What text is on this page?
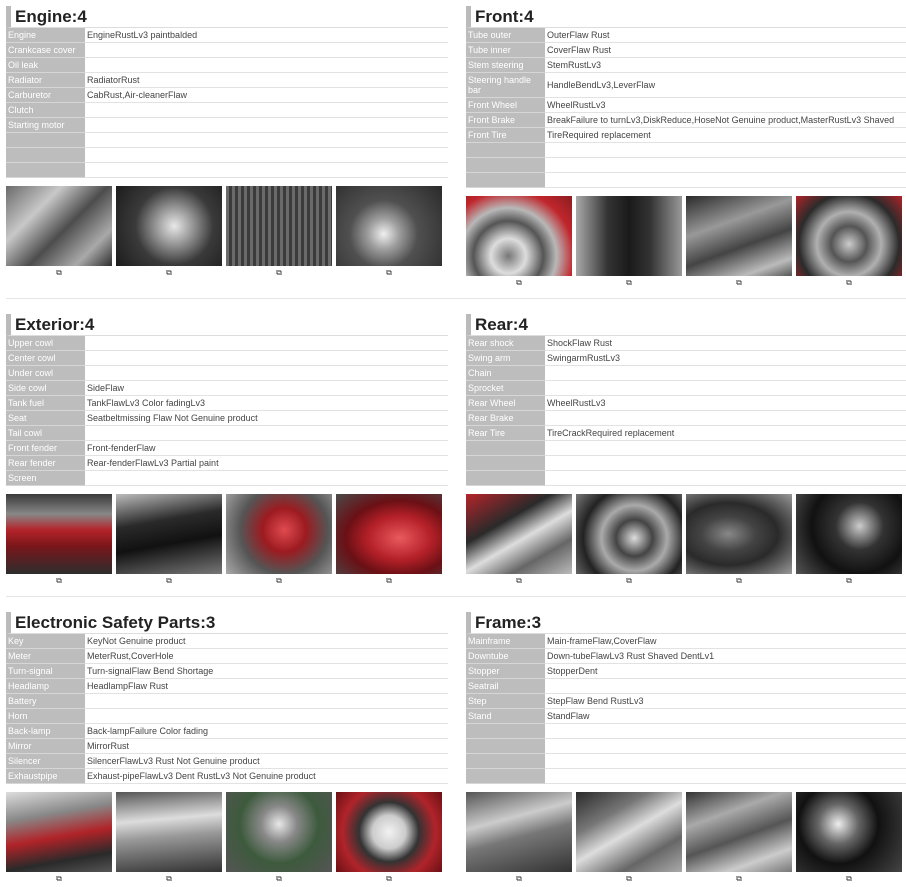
Engine:4
Engine	EngineRustLv3 paintbalded
Crankcase cover	
Oil leak	
Radiator	RadiatorRust
Carburetor	CabRust,Air-cleanerFlaw
Clutch	
Starting motor	

⧉	⧉	⧉	⧉
Front:4
Tube outer	OuterFlaw Rust
Tube inner	CoverFlaw Rust
Stem steering	StemRustLv3
Steering handle bar	HandleBendLv3,LeverFlaw
Front Wheel	WheelRustLv3
Front Brake	BreakFailure to turnLv3,DiskReduce,HoseNot Genuine product,MasterRustLv3 Shaved
Front Tire	TireRequired replacement

⧉	⧉	⧉	⧉
Exterior:4
Upper cowl	
Center cowl	
Under cowl	
Side cowl	SideFlaw
Tank fuel	TankFlawLv3 Color fadingLv3
Seat	Seatbeltmissing Flaw Not Genuine product
Tail cowl	
Front fender	Front-fenderFlaw
Rear fender	Rear-fenderFlawLv3 Partial paint
Screen	
⧉	⧉	⧉	⧉
Rear:4
Rear shock	ShockFlaw Rust
Swing arm	SwingarmRustLv3
Chain	
Sprocket	
Rear Wheel	WheelRustLv3
Rear Brake	
Rear Tire	TireCrackRequired replacement

⧉	⧉	⧉	⧉
Electronic Safety Parts:3
Key	KeyNot Genuine product
Meter	MeterRust,CoverHole
Turn-signal	Turn-signalFlaw Bend Shortage
Headlamp	HeadlampFlaw Rust
Battery	
Horn	
Back-lamp	Back-lampFailure Color fading
Mirror	MirrorRust
Silencer	SilencerFlawLv3 Rust Not Genuine product
Exhaustpipe	Exhaust-pipeFlawLv3 Dent RustLv3 Not Genuine product
⧉	⧉	⧉	⧉
Frame:3
Mainframe	Main-frameFlaw,CoverFlaw
Downtube	Down-tubeFlawLv3 Rust Shaved DentLv1
Stopper	StopperDent
Seatrail	
Step	StepFlaw Bend RustLv3
Stand	StandFlaw

⧉	⧉	⧉	⧉
